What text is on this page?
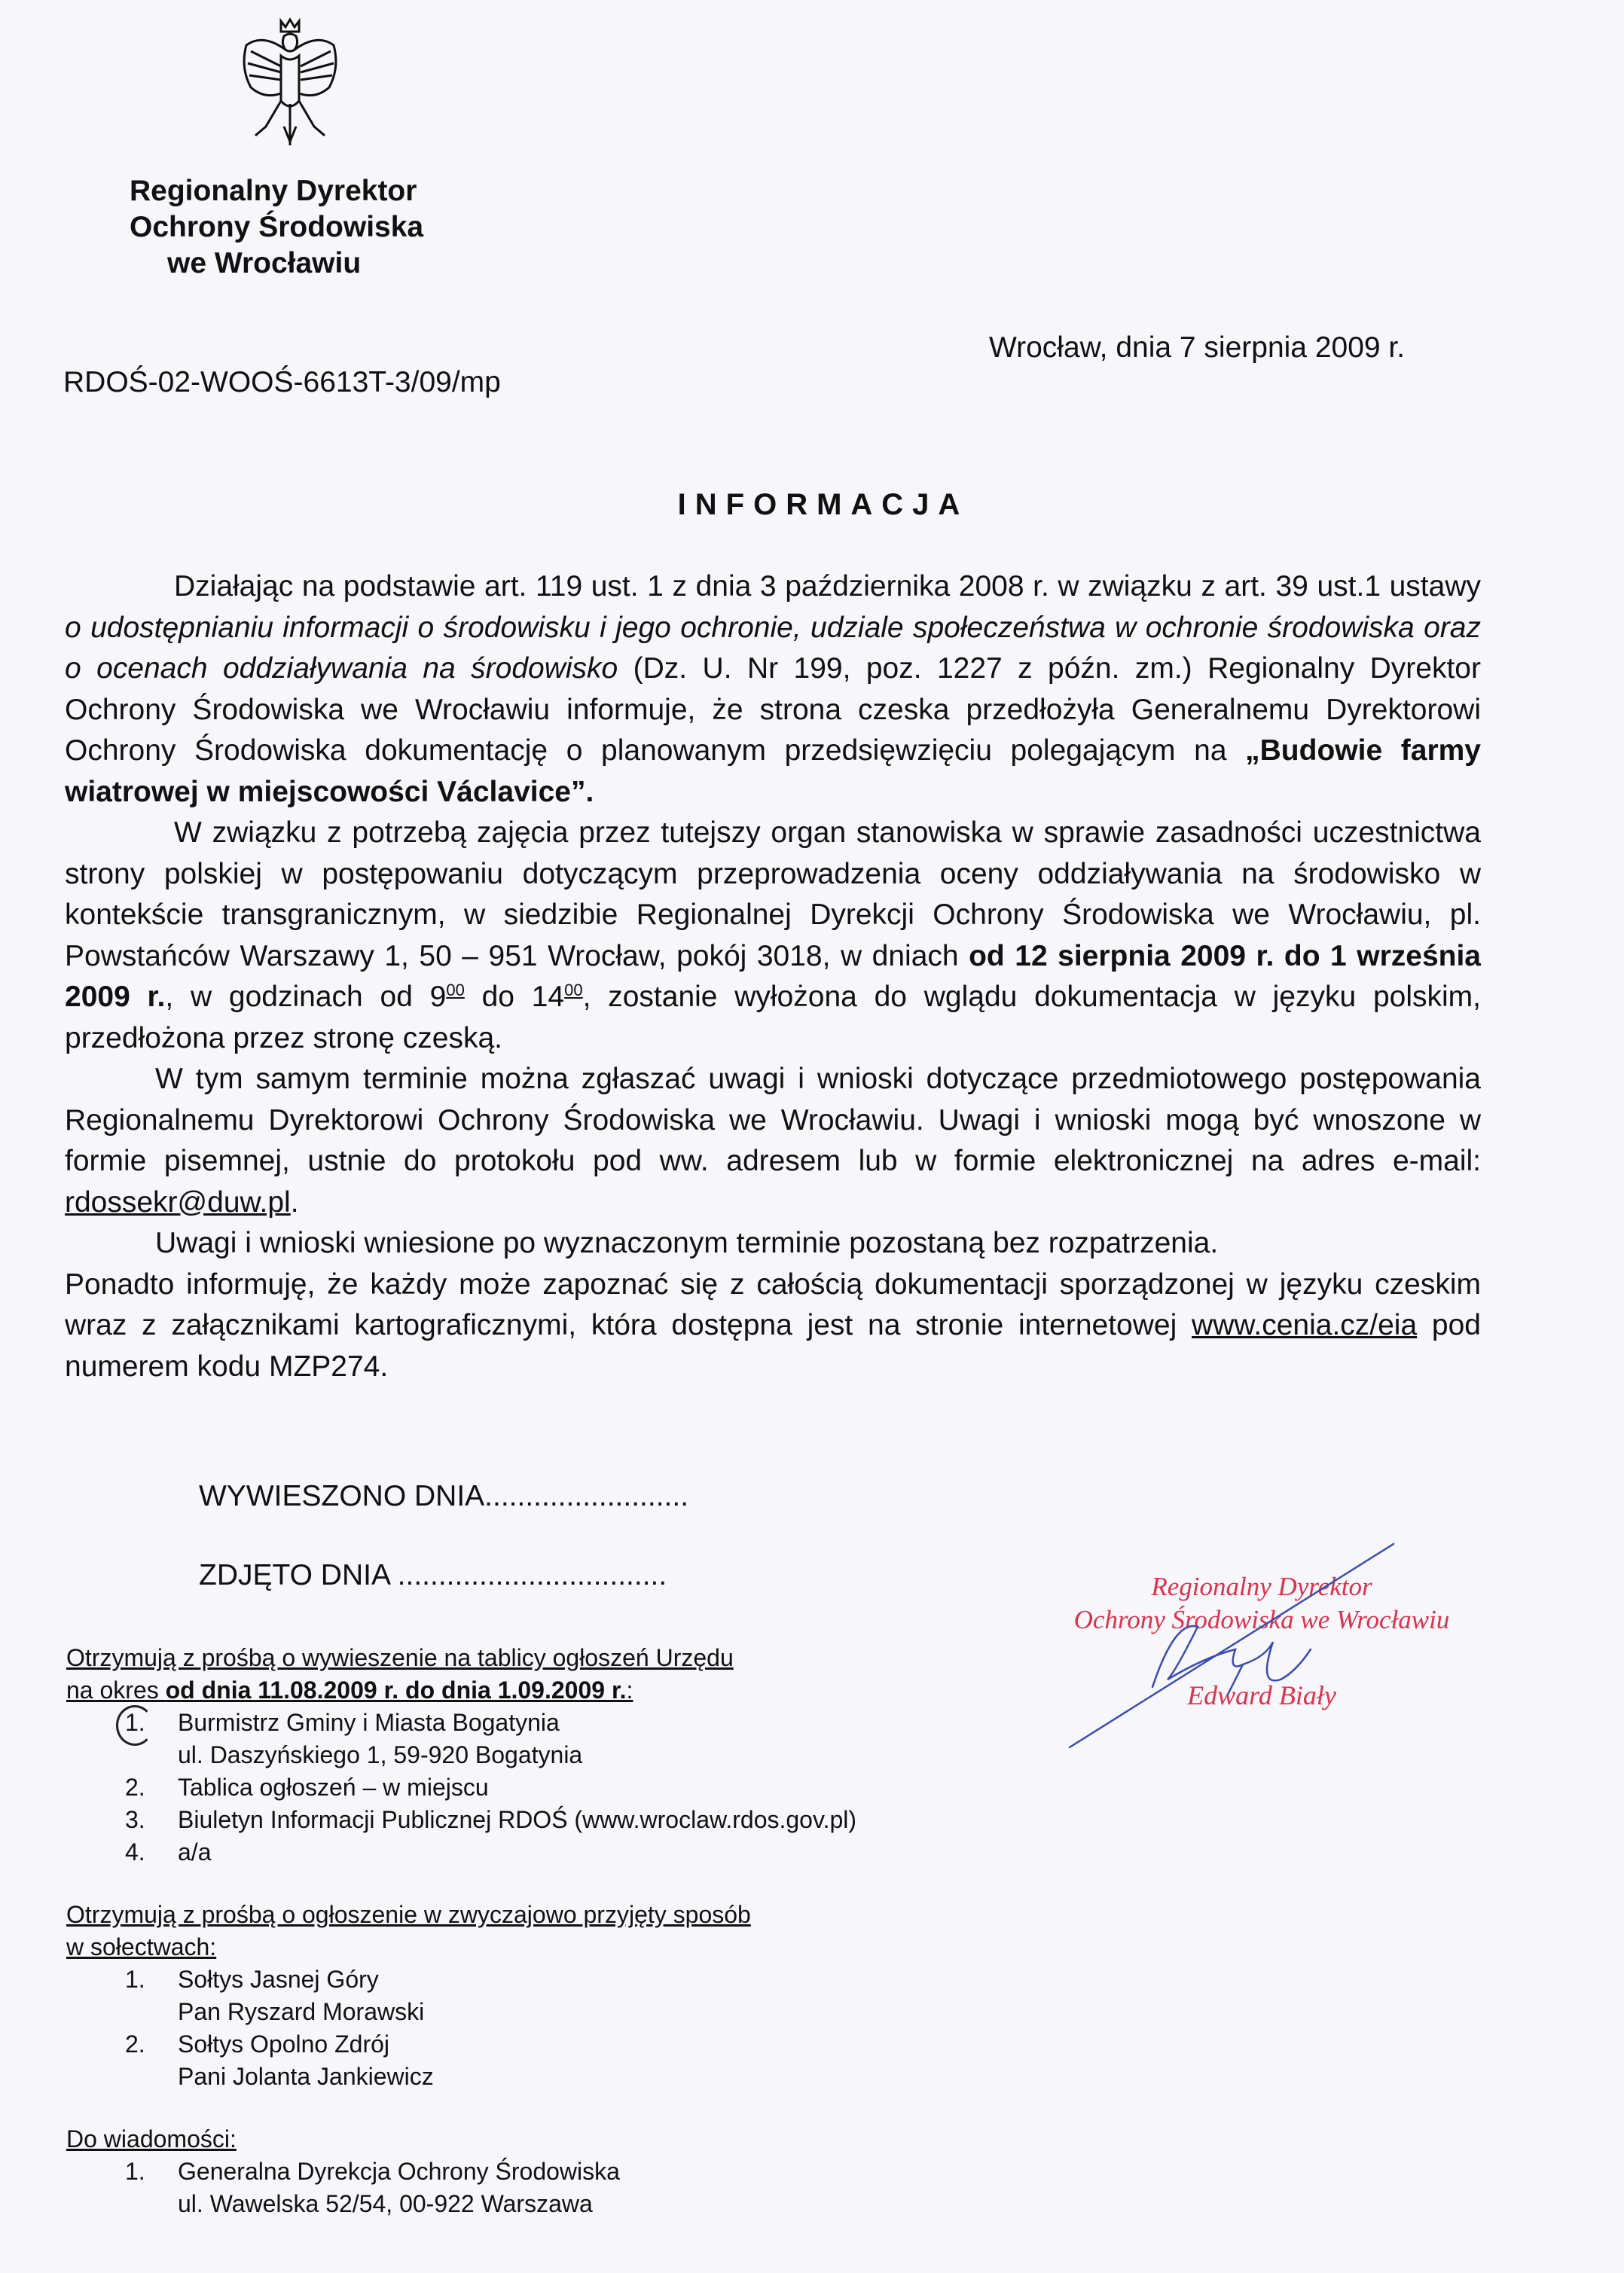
Regionalny Dyrektor
Ochrony Środowiska
we Wrocławiu
Wrocław, dnia 7 sierpnia 2009 r.
RDOŚ-02-WOOŚ-6613T-3/09/mp
INFORMACJA

Działając na podstawie art. 119 ust. 1 z dnia 3 października 2008 r. w związku z art. 39 ust.1 ustawy o udostępnianiu informacji o środowisku i jego ochronie, udziale społeczeństwa w ochronie środowiska oraz o ocenach oddziaływania na środowisko (Dz. U. Nr 199, poz. 1227 z późn. zm.) Regionalny Dyrektor Ochrony Środowiska we Wrocławiu informuje, że strona czeska przedłożyła Generalnemu Dyrektorowi Ochrony Środowiska dokumentację o planowanym przedsięwzięciu polegającym na „Budowie farmy wiatrowej w miejscowości Václavice”.

W związku z potrzebą zajęcia przez tutejszy organ stanowiska w sprawie zasadności uczestnictwa strony polskiej w postępowaniu dotyczącym przeprowadzenia oceny oddziaływania na środowisko w kontekście transgranicznym, w siedzibie Regionalnej Dyrekcji Ochrony Środowiska we Wrocławiu, pl. Powstańców Warszawy 1, 50 – 951 Wrocław, pokój 3018, w dniach od 12 sierpnia 2009 r. do 1 września 2009 r., w godzinach od $9^{00}$ do $14^{00}$, zostanie wyłożona do wglądu dokumentacja w języku polskim, przedłożona przez stronę czeską.

W tym samym terminie można zgłaszać uwagi i wnioski dotyczące przedmiotowego postępowania Regionalnemu Dyrektorowi Ochrony Środowiska we Wrocławiu. Uwagi i wnioski mogą być wnoszone w formie pisemnej, ustnie do protokołu pod ww. adresem lub w formie elektronicznej na adres e-mail: rdossekr@duw.pl.

Uwagi i wnioski wniesione po wyznaczonym terminie pozostaną bez rozpatrzenia.

Ponadto informuję, że każdy może zapoznać się z całością dokumentacji sporządzonej w języku czeskim wraz z załącznikami kartograficznymi, która dostępna jest na stronie internetowej www.cenia.cz/eia pod numerem kodu MZP274.

WYWIESZONO DNIA.........................
ZDJĘTO DNIA .................................	Regionalny Dyrektor
Ochrony Środowiska we Wrocławiu
Edward Biały
Otrzymują z prośbą o wywieszenie na tablicy ogłoszeń Urzędu
na okres od dnia 11.08.2009 r. do dnia 1.09.2009 r.:
1. Burmistrz Gminy i Miasta Bogatynia
ul. Daszyńskiego 1, 59-920 Bogatynia
2. Tablica ogłoszeń – w miejscu
3. Biuletyn Informacji Publicznej RDOŚ (www.wroclaw.rdos.gov.pl)
4. a/a
Otrzymują z prośbą o ogłoszenie w zwyczajowo przyjęty sposób
w sołectwach:
1. Sołtys Jasnej Góry
Pan Ryszard Morawski
2. Sołtys Opolno Zdrój
Pani Jolanta Jankiewicz
Do wiadomości:
1. Generalna Dyrekcja Ochrony Środowiska
ul. Wawelska 52/54, 00-922 Warszawa
